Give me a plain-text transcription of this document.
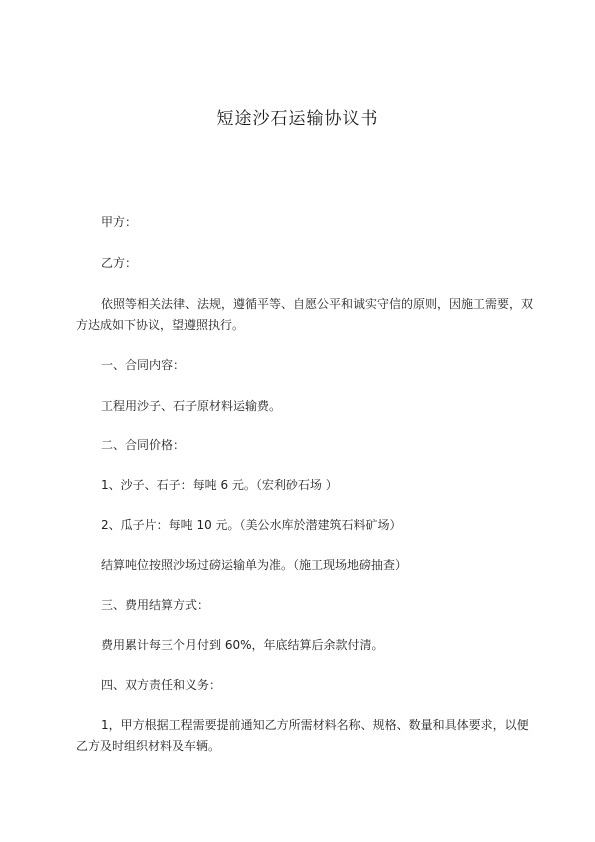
短途沙石运输协议书
甲方：
乙方：
依照等相关法律、法规，遵循平等、自愿公平和诚实守信的原则，因施工需要，双方达成如下协议，望遵照执行。
一、合同内容：
工程用沙子、石子原材料运输费。
二、合同价格：
1、沙子、石子：每吨 6 元。（宏利砂石场 ）
2、瓜子片：每吨 10 元。（美公水库於潜建筑石料矿场）
结算吨位按照沙场过磅运输单为准。（施工现场地磅抽查）
三、费用结算方式：
费用累计每三个月付到 60%，年底结算后余款付清。
四、双方责任和义务：
1，甲方根据工程需要提前通知乙方所需材料名称、规格、数量和具体要求，以便乙方及时组织材料及车辆。
